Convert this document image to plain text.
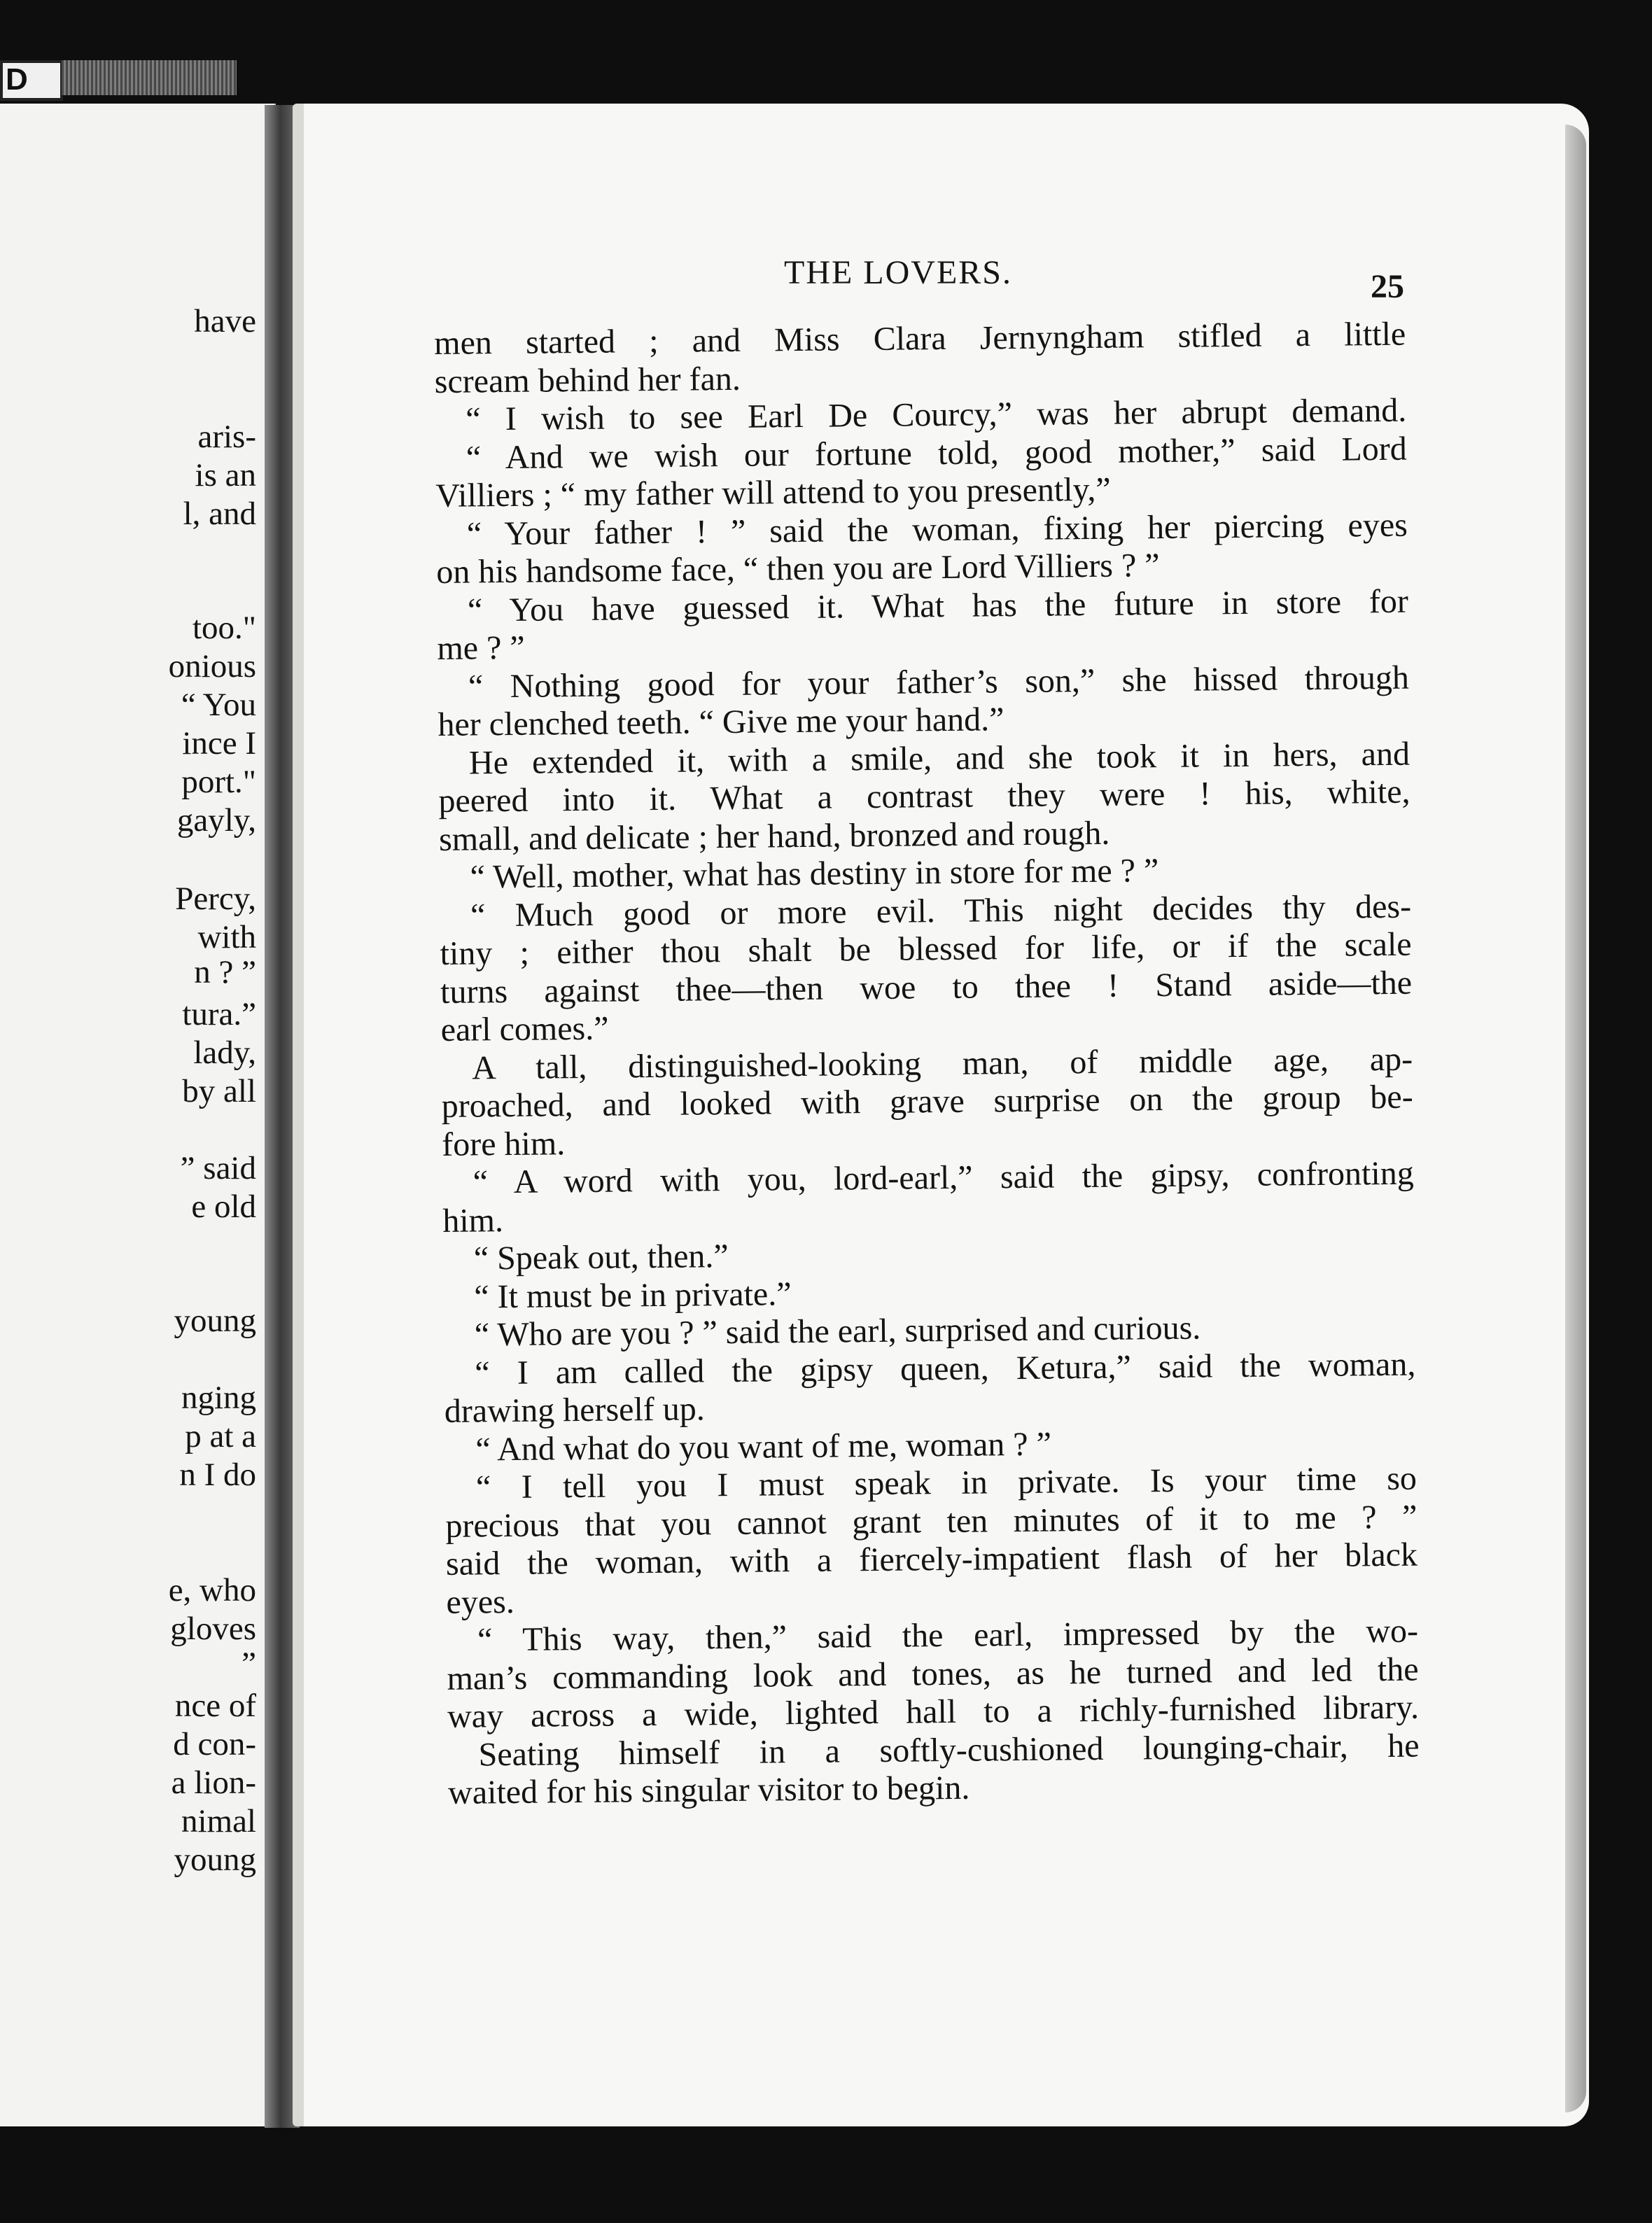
D

have

aris-

is an

l, and

too."

onious

“ You

ince I

port."

gayly,

Percy,

with

n ? ”

tura.”

lady,

by all

” said

e old

young

nging

p at a

n I do

e, who

gloves

”

nce of

d con-

a lion-

nimal

young

THE LOVERS.	25
men started ; and Miss Clara Jernyngham stifled a little
scream behind her fan.
“ I wish to see Earl De Courcy,” was her abrupt demand.
“ And we wish our fortune told, good mother,” said Lord
Villiers ; “ my father will attend to you presently,”
“ Your father ! ” said the woman, fixing her piercing eyes
on his handsome face, “ then you are Lord Villiers ? ”
“ You have guessed it. What has the future in store for
me ? ”
“ Nothing good for your father’s son,” she hissed through
her clenched teeth. “ Give me your hand.”
He extended it, with a smile, and she took it in hers, and
peered into it. What a contrast they were ! his, white,
small, and delicate ; her hand, bronzed and rough.
“ Well, mother, what has destiny in store for me ? ”
“ Much good or more evil. This night decides thy des-
tiny ; either thou shalt be blessed for life, or if the scale
turns against thee—then woe to thee ! Stand aside—the
earl comes.”
A tall, distinguished-looking man, of middle age, ap-
proached, and looked with grave surprise on the group be-
fore him.
“ A word with you, lord-earl,” said the gipsy, confronting
him.
“ Speak out, then.”
“ It must be in private.”
“ Who are you ? ” said the earl, surprised and curious.
“ I am called the gipsy queen, Ketura,” said the woman,
drawing herself up.
“ And what do you want of me, woman ? ”
“ I tell you I must speak in private. Is your time so
precious that you cannot grant ten minutes of it to me ? ”
said the woman, with a fiercely-impatient flash of her black
eyes.
“ This way, then,” said the earl, impressed by the wo-
man’s commanding look and tones, as he turned and led the
way across a wide, lighted hall to a richly-furnished library.
Seating himself in a softly-cushioned lounging-chair, he
waited for his singular visitor to begin.
